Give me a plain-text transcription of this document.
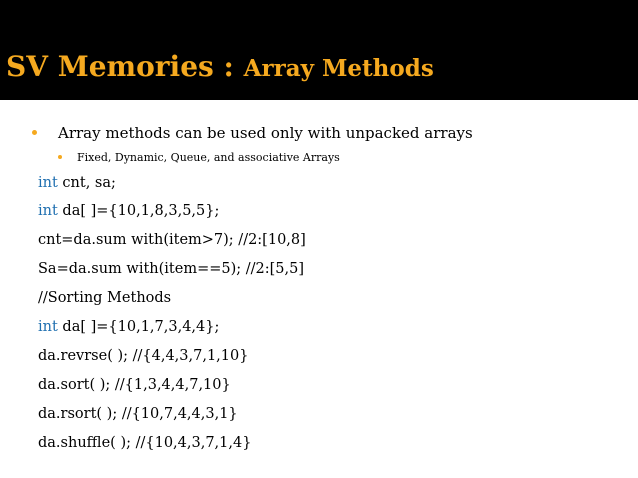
SV Memories : Array Methods
Array methods can be used only with unpacked arrays
Fixed, Dynamic, Queue, and associative Arrays
int cnt, sa;
int da[ ]={10,1,8,3,5,5};
cnt=da.sum with(item>7); //2:[10,8]
Sa=da.sum with(item==5); //2:[5,5]
//Sorting Methods
int da[ ]={10,1,7,3,4,4};
da.revrse( ); //{4,4,3,7,1,10}
da.sort( ); //{1,3,4,4,7,10}
da.rsort( ); //{10,7,4,4,3,1}
da.shuffle( ); //{10,4,3,7,1,4}
